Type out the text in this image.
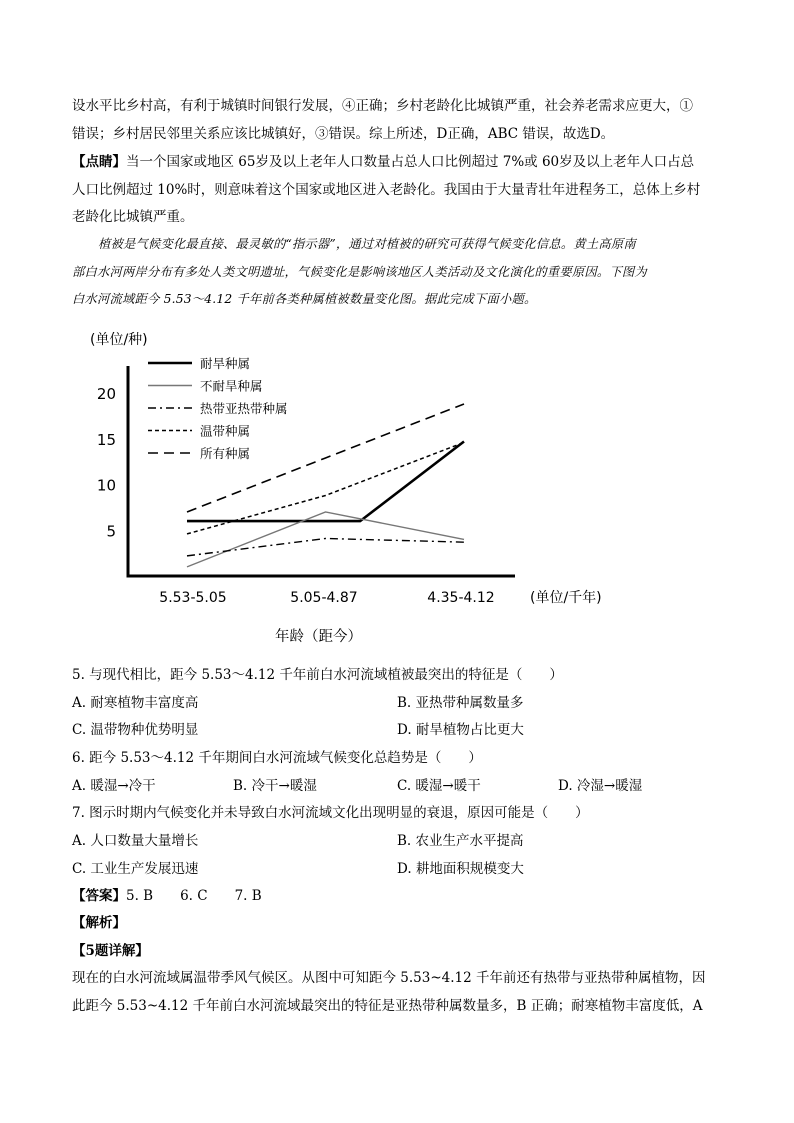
设水平比乡村高，有利于城镇时间银行发展，④正确；乡村老龄化比城镇严重，社会养老需求应更大，①
错误；乡村居民邻里关系应该比城镇好，③错误。综上所述，D正确，ABC 错误，故选D。
【点睛】当一个国家或地区 65岁及以上老年人口数量占总人口比例超过 7%或 60岁及以上老年人口占总
人口比例超过 10%时，则意味着这个国家或地区进入老龄化。我国由于大量青壮年进程务工，总体上乡村
老龄化比城镇严重。
植被是气候变化最直接、最灵敏的“指示器”，通过对植被的研究可获得气候变化信息。黄土高原南
部白水河两岸分布有多处人类文明遗址，气候变化是影响该地区人类活动及文化演化的重要原因。下图为
白水河流域距今 5.53～4.12 千年前各类种属植被数量变化图。据此完成下面小题。
耐旱种属
不耐旱种属
热带亚热带种属
温带种属
所有种属
5
10
15
20
5.53-5.05	5.05-4.87	4.35-4.12
(单位/种)
(单位/千年)
年龄（距今）
5. 与现代相比，距今 5.53～4.12 千年前白水河流域植被最突出的特征是（　　）
A. 耐寒植物丰富度高	B. 亚热带种属数量多
C. 温带物种优势明显	D. 耐旱植物占比更大
6. 距今 5.53～4.12 千年期间白水河流域气候变化总趋势是（　　）
A. 暖湿→冷干	B. 冷干→暖湿	C. 暖湿→暖干	D. 冷湿→暖湿
7. 图示时期内气候变化并未导致白水河流域文化出现明显的衰退，原因可能是（　　）
A. 人口数量大量增长	B. 农业生产水平提高
C. 工业生产发展迅速	D. 耕地面积规模变大
【答案】5. B　　6. C　　7. B
【解析】
【5题详解】
现在的白水河流域属温带季风气候区。从图中可知距今 5.53~4.12 千年前还有热带与亚热带种属植物，因
此距今 5.53~4.12 千年前白水河流域最突出的特征是亚热带种属数量多，B 正确；耐寒植物丰富度低，A
